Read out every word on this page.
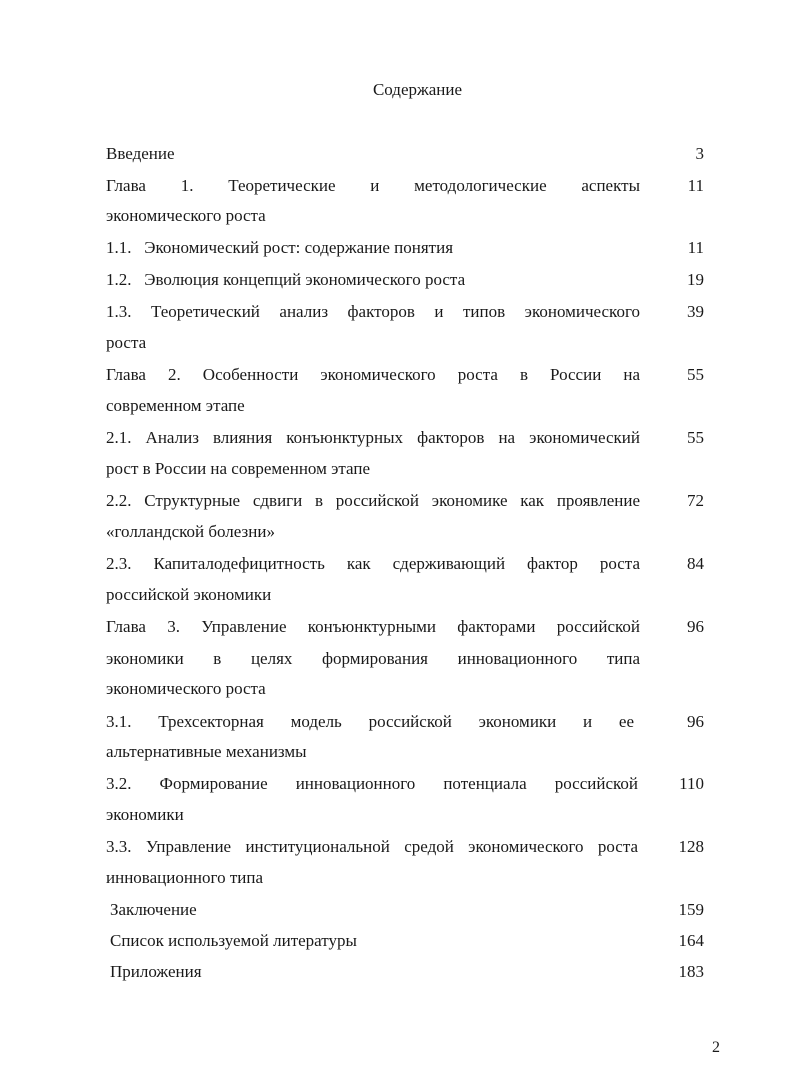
Содержание
Введение	3
Глава 1. Теоретические и методологические аспекты	11
экономического роста
1.1.   Экономический рост: содержание понятия	11
1.2.   Эволюция концепций экономического роста	19
1.3. Теоретический анализ факторов и типов экономического	39
роста
Глава 2. Особенности экономического роста в России на	55
современном этапе
2.1. Анализ влияния конъюнктурных факторов на экономический	55
рост в России на современном этапе
2.2. Структурные сдвиги в российской экономике как проявление	72
«голландской болезни»
2.3. Капиталодефицитность как сдерживающий фактор роста	84
российской экономики
Глава 3. Управление конъюнктурными факторами российской	96
экономики в целях формирования инновационного типа
экономического роста
3.1. Трехсекторная модель российской экономики и ее	96
альтернативные механизмы
3.2. Формирование инновационного потенциала российской	110
экономики
3.3. Управление институциональной средой экономического роста	128
инновационного типа
Заключение	159
Список используемой литературы	164
Приложения	183
2
